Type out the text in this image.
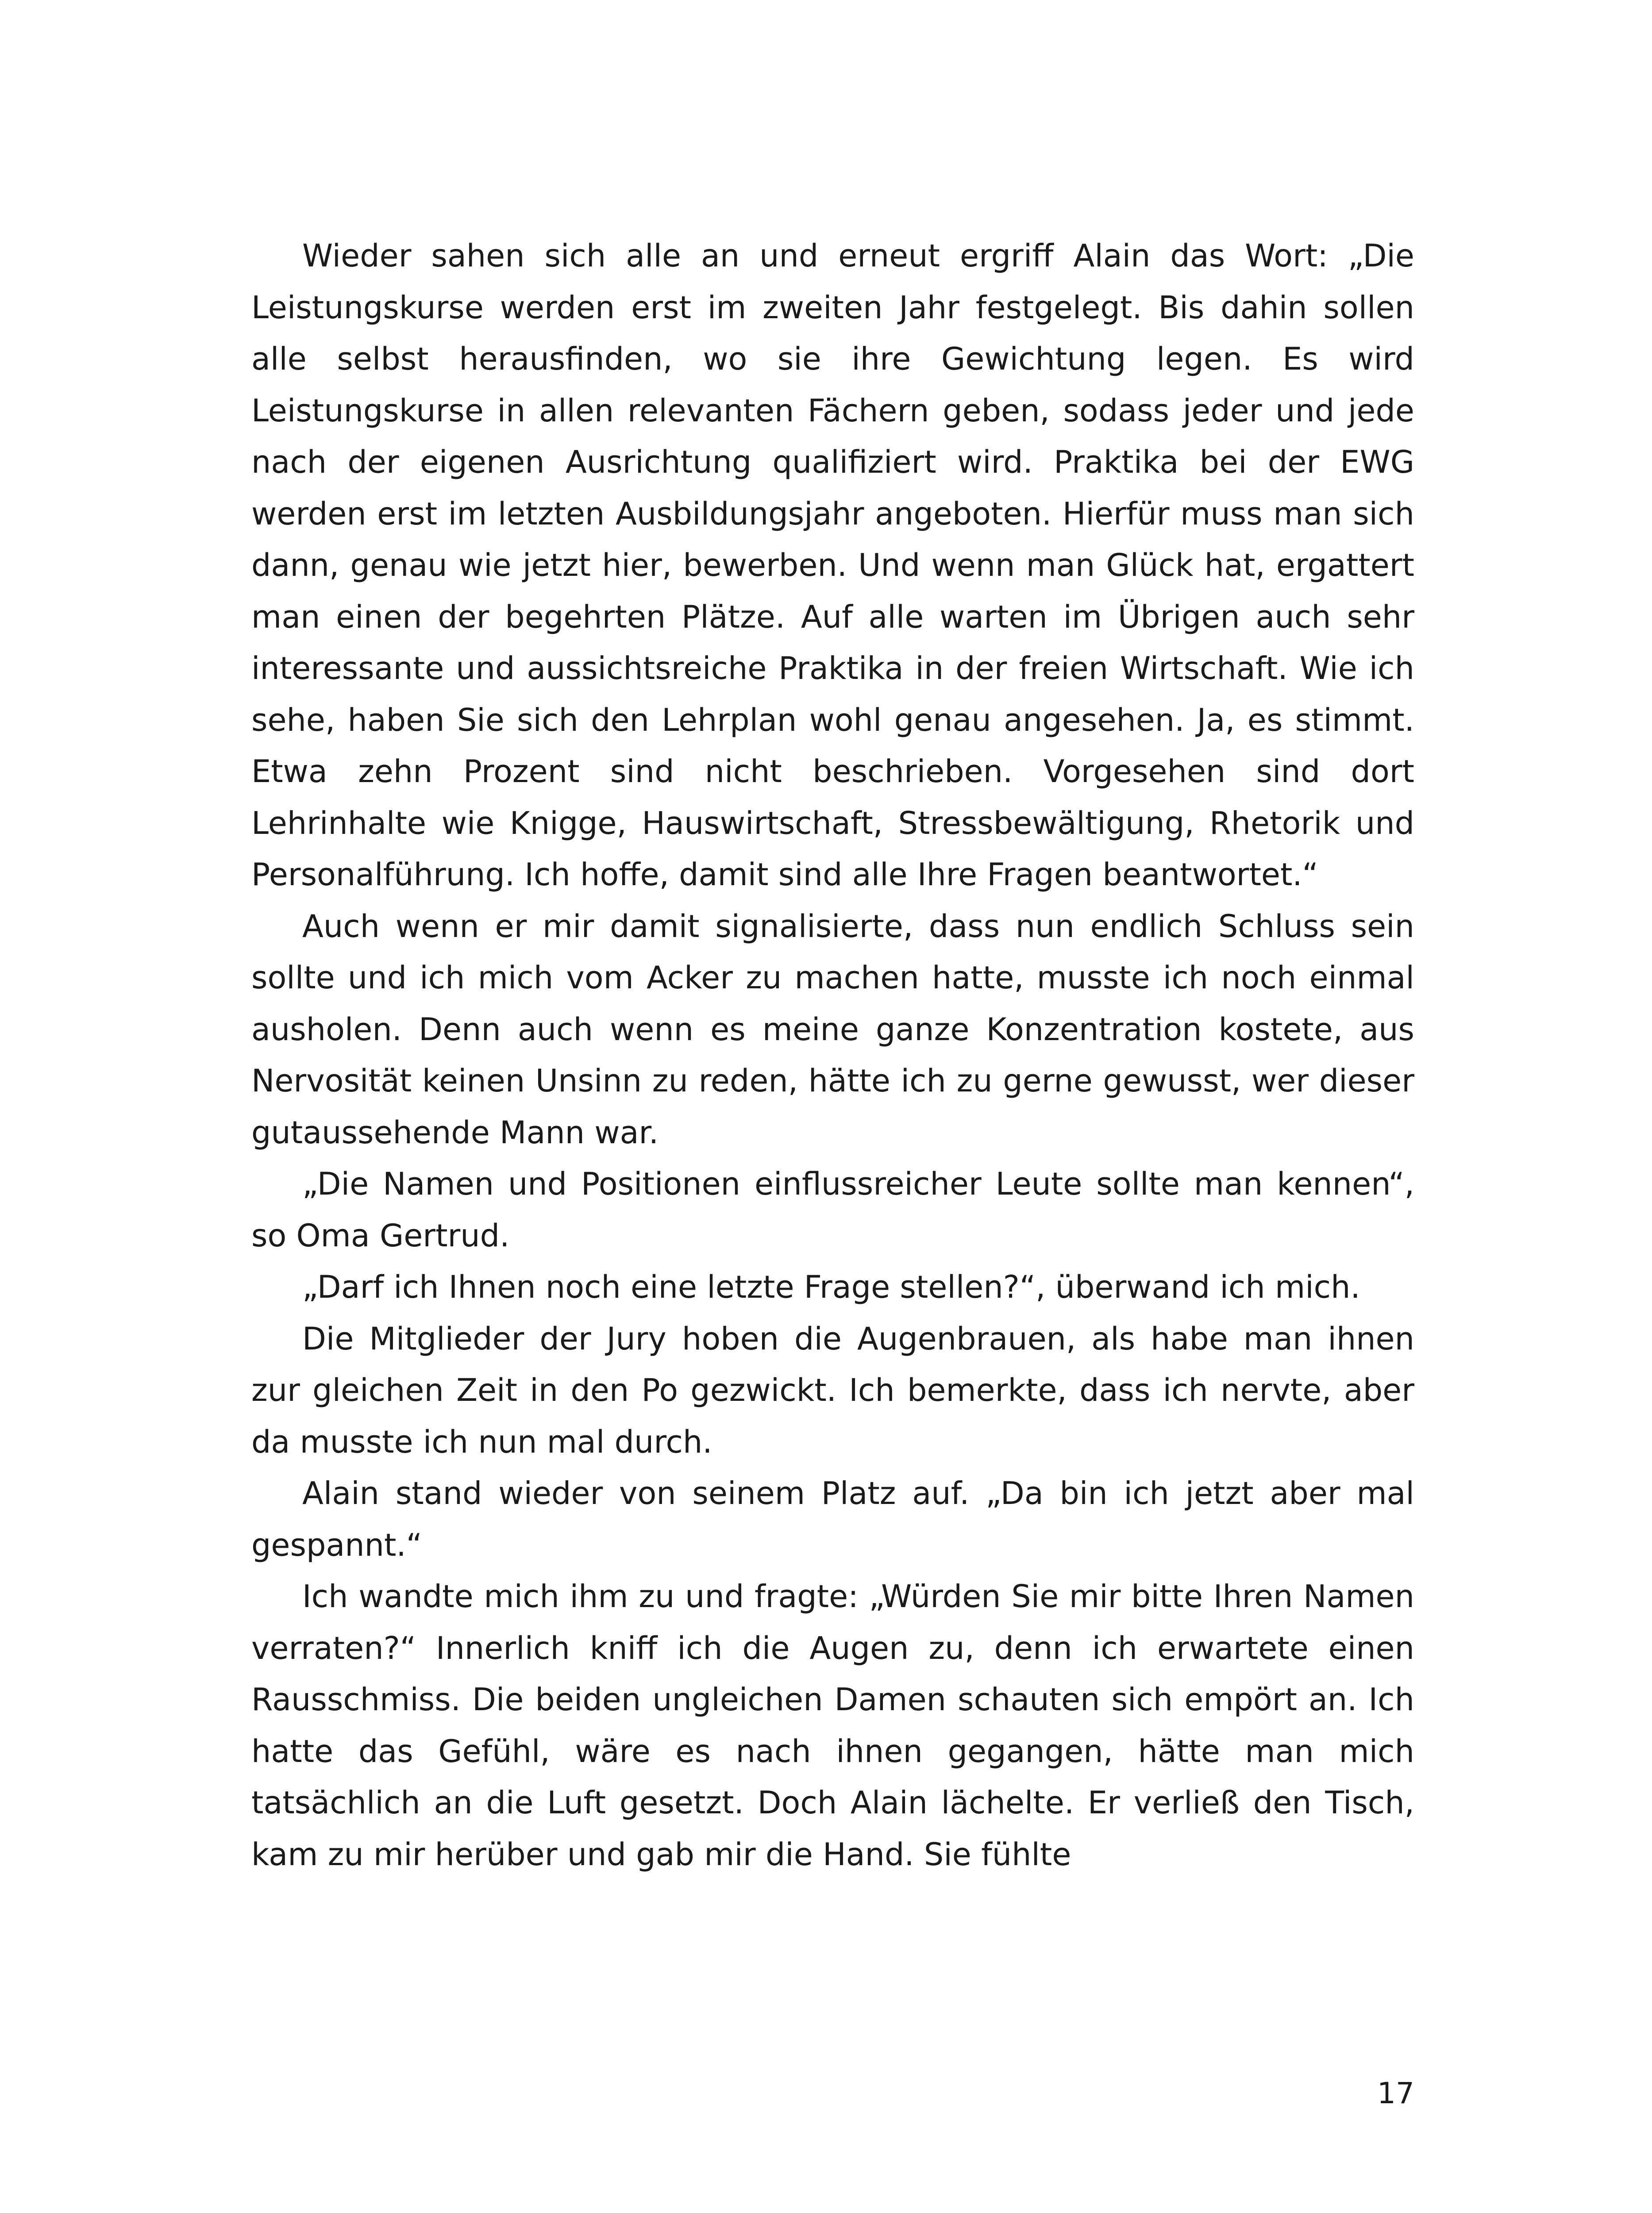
Wieder sahen sich alle an und erneut ergriff Alain das Wort: „Die Leistungskurse werden erst im zweiten Jahr festgelegt. Bis dahin sollen alle selbst herausfinden, wo sie ihre Gewichtung legen. Es wird Leistungskurse in allen relevanten Fächern geben, sodass jeder und jede nach der eigenen Ausrichtung qualifiziert wird. Praktika bei der EWG werden erst im letzten Ausbildungsjahr angeboten. Hierfür muss man sich dann, genau wie jetzt hier, bewerben. Und wenn man Glück hat, ergattert man einen der begehrten Plätze. Auf alle warten im Übrigen auch sehr interessante und aussichtsreiche Praktika in der freien Wirtschaft. Wie ich sehe, haben Sie sich den Lehrplan wohl genau angesehen. Ja, es stimmt. Etwa zehn Prozent sind nicht beschrieben. Vorgesehen sind dort Lehrinhalte wie Knigge, Hauswirtschaft, Stressbewältigung, Rhetorik und Personalführung. Ich hoffe, damit sind alle Ihre Fragen beantwortet.“

Auch wenn er mir damit signalisierte, dass nun endlich Schluss sein sollte und ich mich vom Acker zu machen hatte, musste ich noch einmal ausholen. Denn auch wenn es meine ganze Konzentration kostete, aus Nervosität keinen Unsinn zu reden, hätte ich zu gerne gewusst, wer dieser gutaussehende Mann war.

„Die Namen und Positionen einflussreicher Leute sollte man kennen“, so Oma Gertrud.

„Darf ich Ihnen noch eine letzte Frage stellen?“, überwand ich mich.

Die Mitglieder der Jury hoben die Augenbrauen, als habe man ihnen zur gleichen Zeit in den Po gezwickt. Ich bemerkte, dass ich nervte, aber da musste ich nun mal durch.

Alain stand wieder von seinem Platz auf. „Da bin ich jetzt aber mal gespannt.“

Ich wandte mich ihm zu und fragte: „Würden Sie mir bitte Ihren Namen verraten?“ Innerlich kniff ich die Augen zu, denn ich erwartete einen Rausschmiss. Die beiden ungleichen Damen schauten sich empört an. Ich hatte das Gefühl, wäre es nach ihnen gegangen, hätte man mich tatsächlich an die Luft gesetzt. Doch Alain lächelte. Er verließ den Tisch, kam zu mir herüber und gab mir die Hand. Sie fühlte

17
